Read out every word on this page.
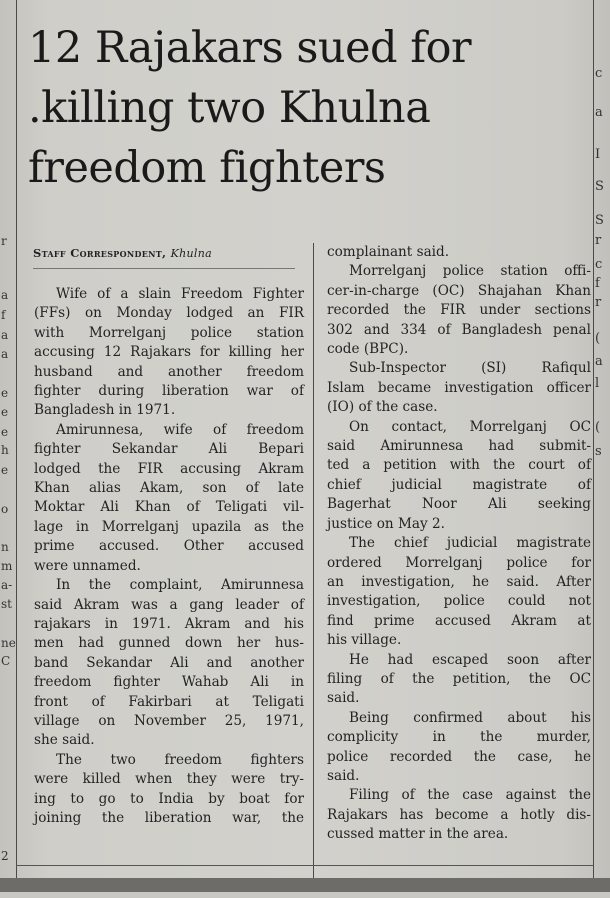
r
a
f
a
a
e
e
e
h
e
o
n
m
a-
st
ne
C
2
c
a
I
S
S
r
c
f
r
(
a
l
(
s
12 Rajakars sued for
.killing two Khulna
freedom fighters
Staff Correspondent, Khulna
Wife of a slain Freedom Fighter
(FFs) on Monday lodged an FIR
with Morrelganj police station
accusing 12 Rajakars for killing her
husband and another freedom
fighter during liberation war of
Bangladesh in 1971.
Amirunnesa, wife of freedom
fighter Sekandar Ali Bepari
lodged the FIR accusing Akram
Khan alias Akam, son of late
Moktar Ali Khan of Teligati vil-
lage in Morrelganj upazila as the
prime accused. Other accused
were unnamed.
In the complaint, Amirunnesa
said Akram was a gang leader of
rajakars in 1971. Akram and his
men had gunned down her hus-
band Sekandar Ali and another
freedom fighter Wahab Ali in
front of Fakirbari at Teligati
village on November 25, 1971,
she said.
The two freedom fighters
were killed when they were try-
ing to go to India by boat for
joining the liberation war, the
complainant said.
Morrelganj police station offi-
cer-in-charge (OC) Shajahan Khan
recorded the FIR under sections
302 and 334 of Bangladesh penal
code (BPC).
Sub-Inspector (SI) Rafiqul
Islam became investigation officer
(IO) of the case.
On contact, Morrelganj OC
said Amirunnesa had submit-
ted a petition with the court of
chief judicial magistrate of
Bagerhat Noor Ali seeking
justice on May 2.
The chief judicial magistrate
ordered Morrelganj police for
an investigation, he said. After
investigation, police could not
find prime accused Akram at
his village.
He had escaped soon after
filing of the petition, the OC
said.
Being confirmed about his
complicity in the murder,
police recorded the case, he
said.
Filing of the case against the
Rajakars has become a hotly dis-
cussed matter in the area.
